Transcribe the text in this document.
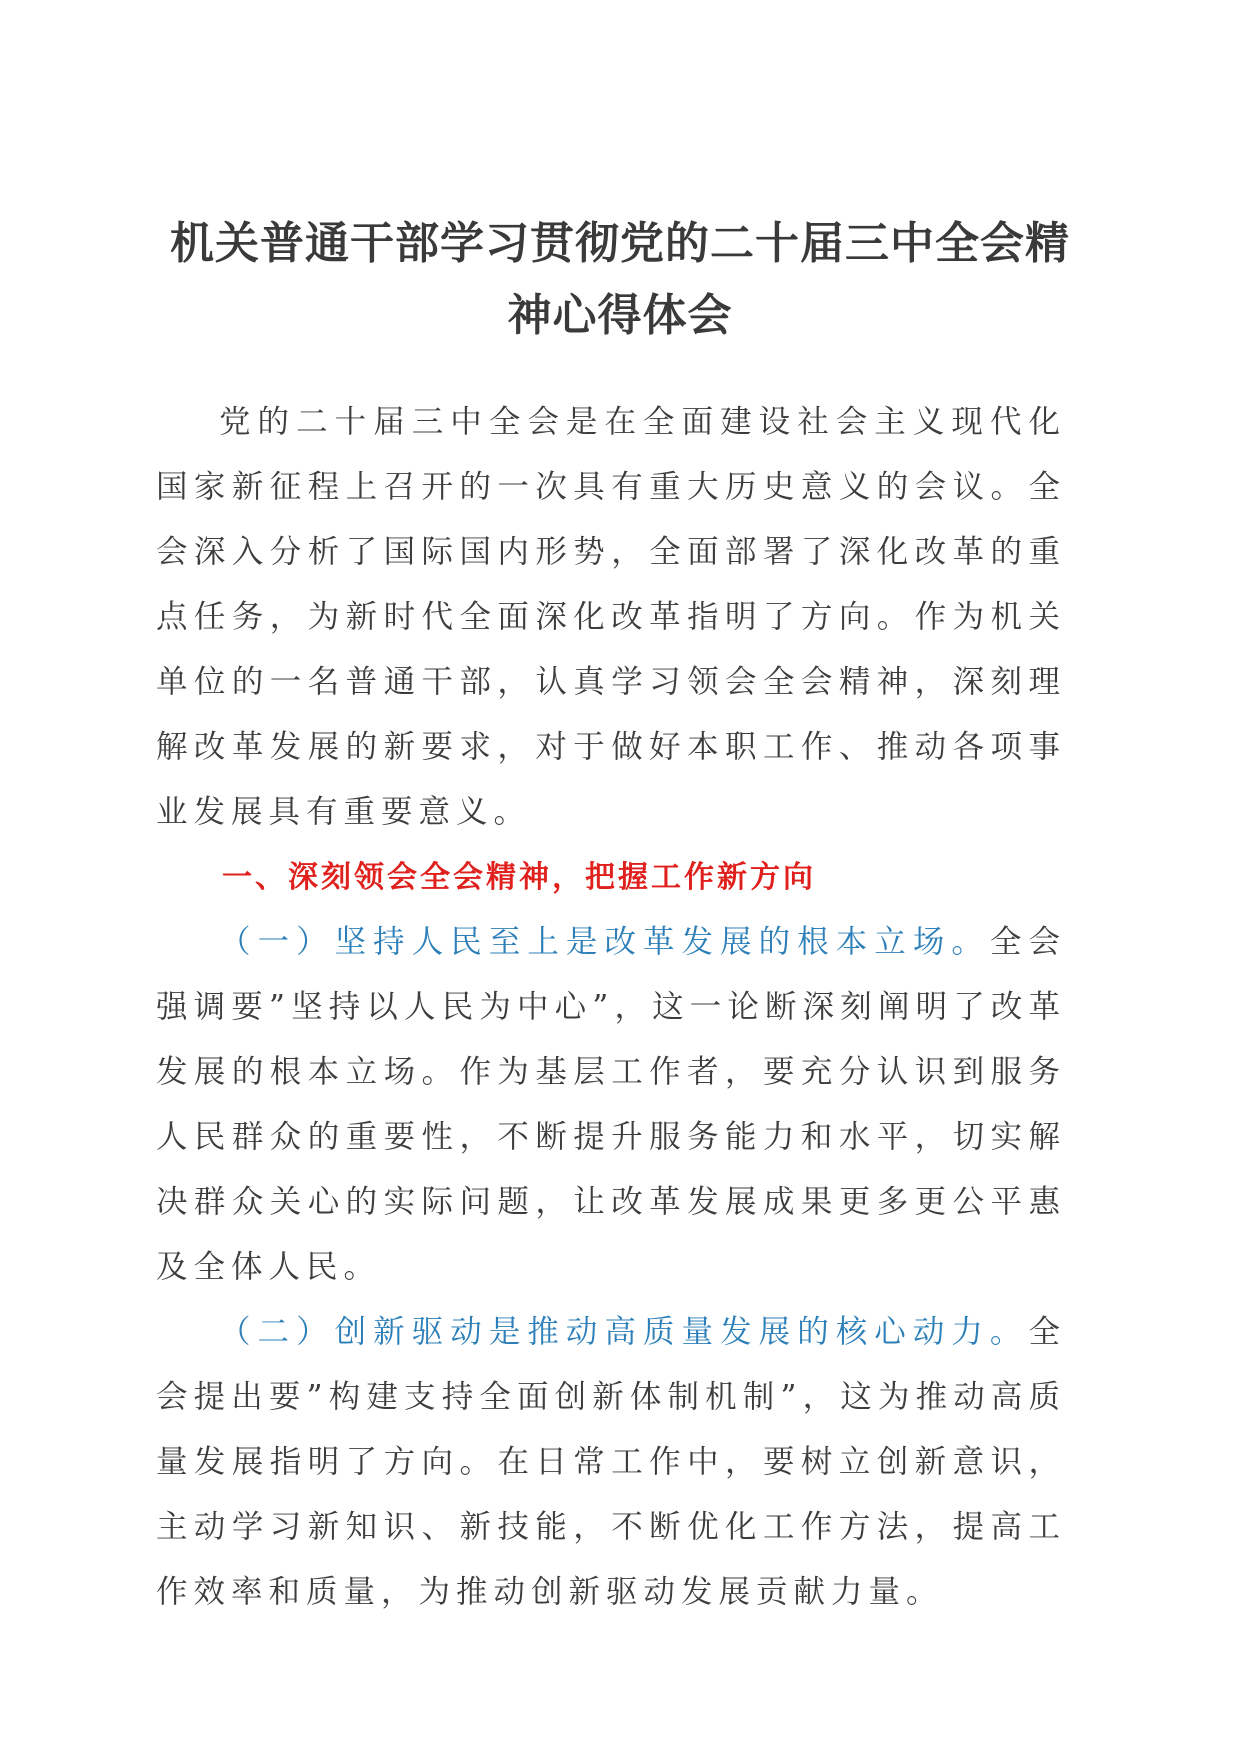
机关普通干部学习贯彻党的二十届三中全会精
神心得体会

党的二十届三中全会是在全面建设社会主义现代化国家新征程上召开的一次具有重大历史意义的会议。全会深入分析了国际国内形势，全面部署了深化改革的重点任务，为新时代全面深化改革指明了方向。作为机关单位的一名普通干部，认真学习领会全会精神，深刻理解改革发展的新要求，对于做好本职工作、推动各项事业发展具有重要意义。

一、深刻领会全会精神，把握工作新方向

（一）坚持人民至上是改革发展的根本立场。全会强调要”坚持以人民为中心”，这一论断深刻阐明了改革发展的根本立场。作为基层工作者，要充分认识到服务人民群众的重要性，不断提升服务能力和水平，切实解决群众关心的实际问题，让改革发展成果更多更公平惠及全体人民。

（二）创新驱动是推动高质量发展的核心动力。全会提出要”构建支持全面创新体制机制”，这为推动高质量发展指明了方向。在日常工作中，要树立创新意识，主动学习新知识、新技能，不断优化工作方法，提高工作效率和质量，为推动创新驱动发展贡献力量。
